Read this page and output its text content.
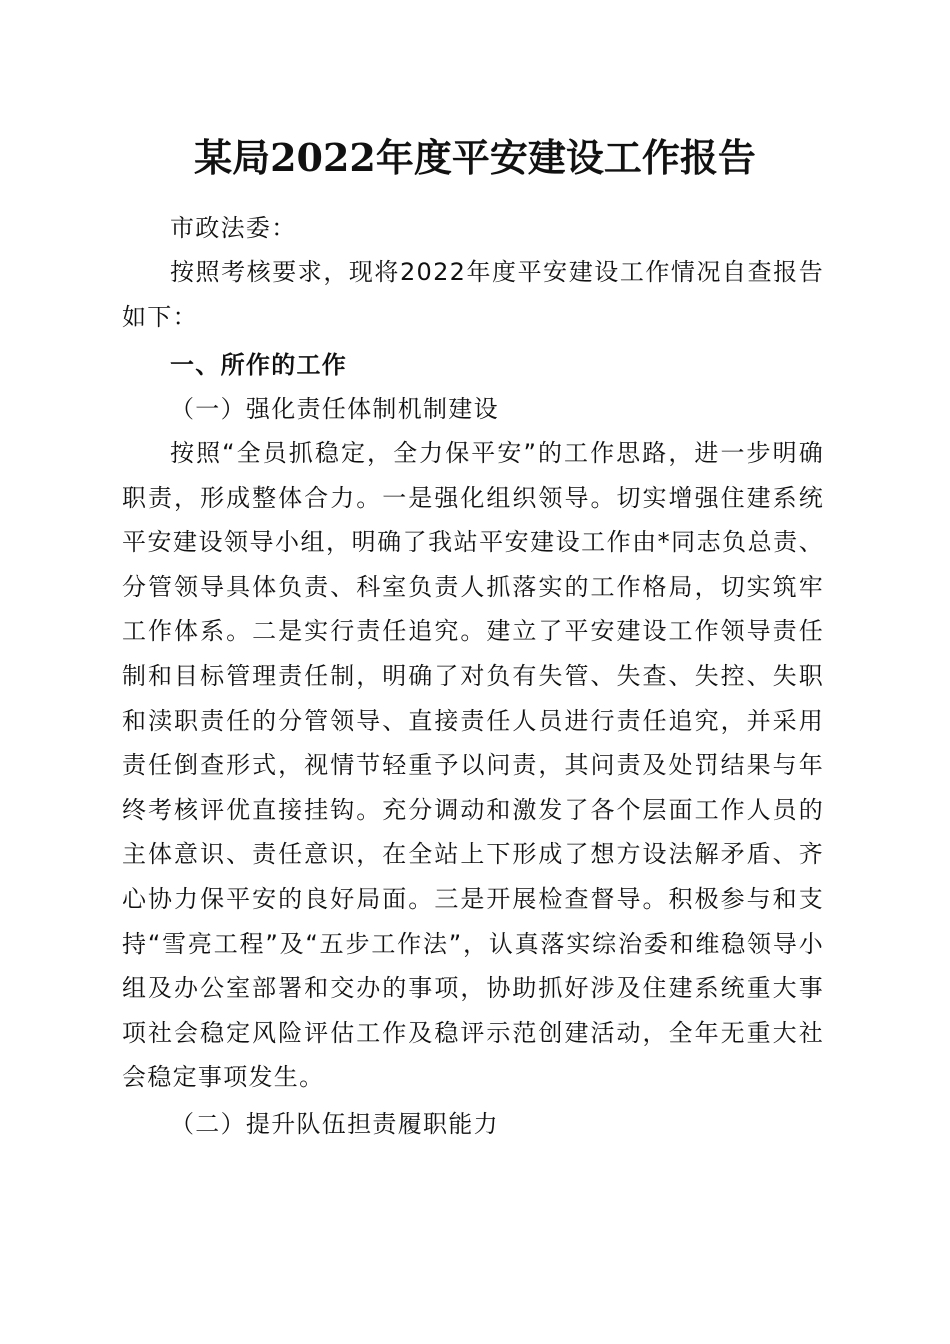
某局2022年度平安建设工作报告

市政法委：

按照考核要求，现将2022年度平安建设工作情况自查报告如下：

一、所作的工作

（一）强化责任体制机制建设

按照“全员抓稳定，全力保平安”的工作思路，进一步明确职责，形成整体合力。一是强化组织领导。切实增强住建系统平安建设领导小组，明确了我站平安建设工作由*同志负总责、分管领导具体负责、科室负责人抓落实的工作格局，切实筑牢工作体系。二是实行责任追究。建立了平安建设工作领导责任制和目标管理责任制，明确了对负有失管、失查、失控、失职和渎职责任的分管领导、直接责任人员进行责任追究，并采用责任倒查形式，视情节轻重予以问责，其问责及处罚结果与年终考核评优直接挂钩。充分调动和激发了各个层面工作人员的主体意识、责任意识，在全站上下形成了想方设法解矛盾、齐心协力保平安的良好局面。三是开展检查督导。积极参与和支持“雪亮工程”及“五步工作法”，认真落实综治委和维稳领导小组及办公室部署和交办的事项，协助抓好涉及住建系统重大事项社会稳定风险评估工作及稳评示范创建活动，全年无重大社会稳定事项发生。

（二）提升队伍担责履职能力
